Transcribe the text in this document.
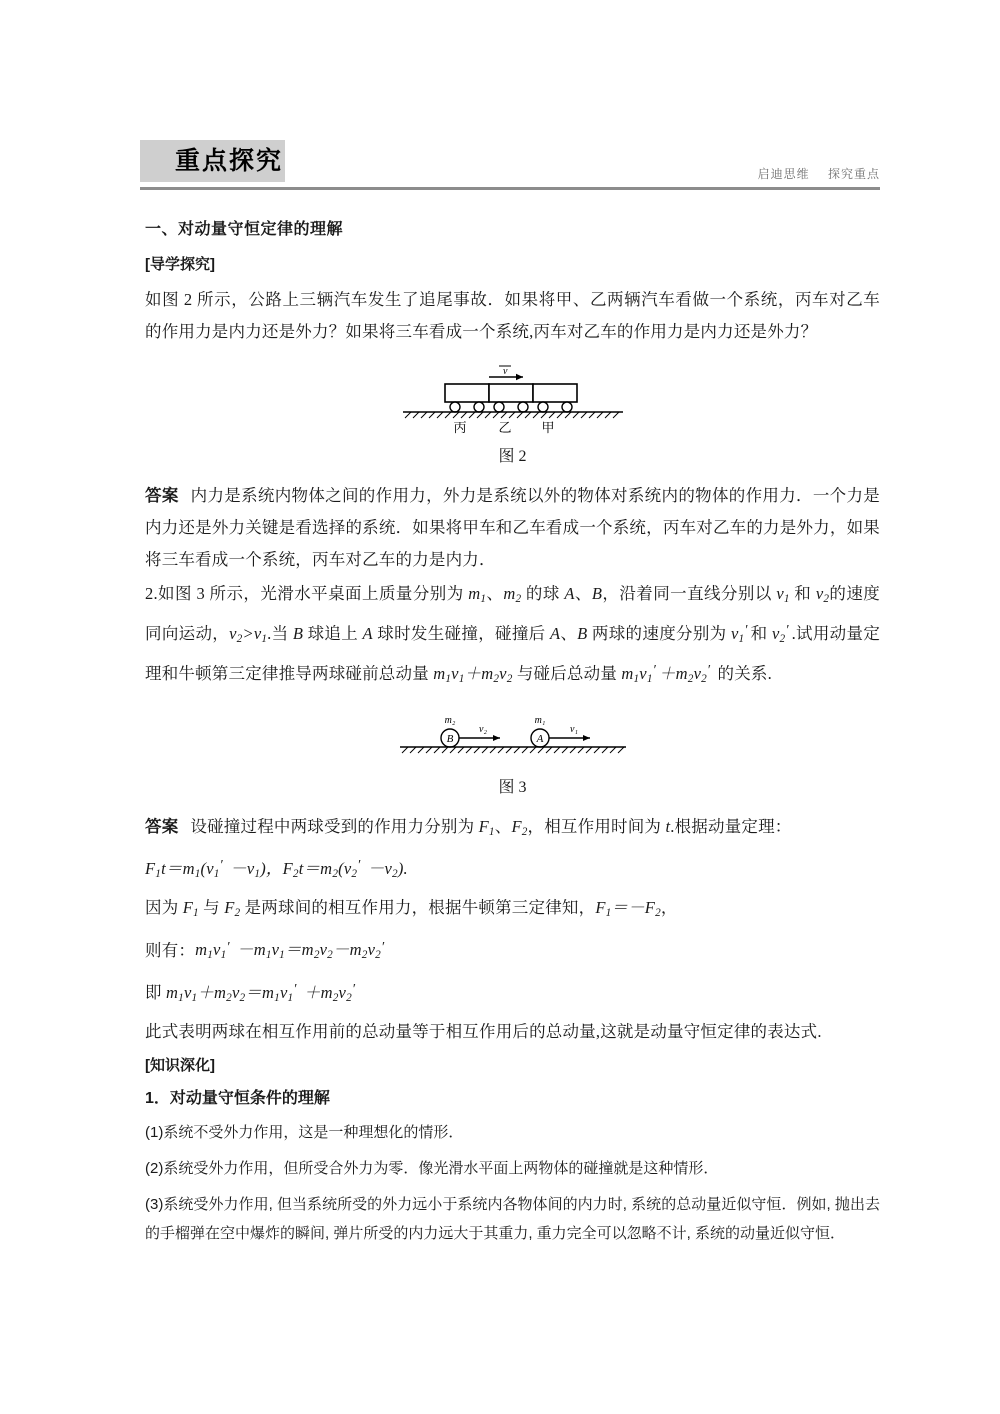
重点探究	启迪思维 探究重点
一、对动量守恒定律的理解
[导学探究]
如图 2 所示，公路上三辆汽车发生了追尾事故．如果将甲、乙两辆汽车看做一个系统，丙车对乙车的作用力是内力还是外力？如果将三车看成一个系统,丙车对乙车的作用力是内力还是外力？
v
丙 乙 甲
图 2
答案 内力是系统内物体之间的作用力，外力是系统以外的物体对系统内的物体的作用力．一个力是内力还是外力关键是看选择的系统．如果将甲车和乙车看成一个系统，丙车对乙车的力是外力，如果将三车看成一个系统，丙车对乙车的力是内力．
2.如图 3 所示，光滑水平桌面上质量分别为 $m_1$、$m_2$ 的球 A、B，沿着同一直线分别以 $v_1$ 和 $v_2$的速度同向运动，$v_2>v_1$.当 B 球追上 A 球时发生碰撞，碰撞后 A、B 两球的速度分别为 $v_1'$ 和 $v_2'$ .试用动量定理和牛顿第三定律推导两球碰前总动量 $m_1v_1+m_2v_2$ 与碰后总动量 $m_1v_1' +m_2v_2'$ 的关系.
m₂
B
v₂
m₁
A
v₁
图 3
答案 设碰撞过程中两球受到的作用力分别为 $F_1$、$F_2$，相互作用时间为 t.根据动量定理：
$F_1t=m_1(v_1' -v_1)$，$F_2t=m_2(v_2' -v_2)$.
因为 $F_1$ 与 $F_2$ 是两球间的相互作用力，根据牛顿第三定律知，$F_1=-F_2$，
则有：$m_1v_1' -m_1v_1=m_2v_2-m_2v_2'$
即 $m_1v_1+m_2v_2=m_1v_1' +m_2v_2'$
此式表明两球在相互作用前的总动量等于相互作用后的总动量,这就是动量守恒定律的表达式.
[知识深化]
1．对动量守恒条件的理解
(1)系统不受外力作用，这是一种理想化的情形．
(2)系统受外力作用，但所受合外力为零．像光滑水平面上两物体的碰撞就是这种情形．
(3)系统受外力作用, 但当系统所受的外力远小于系统内各物体间的内力时, 系统的总动量近似守恒．例如, 抛出去的手榴弹在空中爆炸的瞬间, 弹片所受的内力远大于其重力, 重力完全可以忽略不计, 系统的动量近似守恒．
